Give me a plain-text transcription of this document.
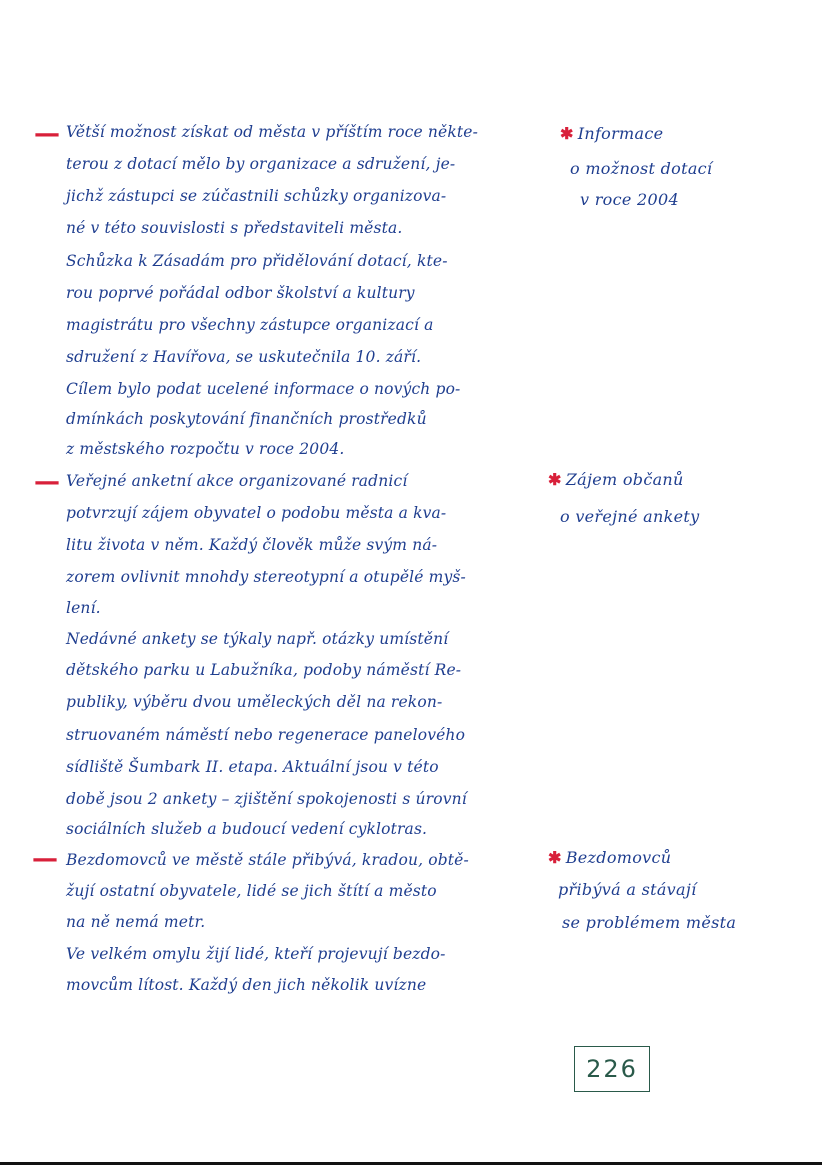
— Větší možnost získat od města v příštím roce někte-
terou z dotací mělo by organizace a sdružení, je-
jichž zástupci se zúčastnili schůzky organizova-
né v této souvislosti s představiteli města.
Schůzka k Zásadám pro přidělování dotací, kte-
rou poprvé pořádal odbor školství a kultury
magistrátu pro všechny zástupce organizací a
sdružení z Havířova, se uskutečnila 10. září.
Cílem bylo podat ucelené informace o nových po-
dmínkách poskytování finančních prostředků
z městského rozpočtu v roce 2004.
✱ Informace
o možnost dotací
v roce 2004
— Veřejné anketní akce organizované radnicí
potvrzují zájem obyvatel o podobu města a kva-
litu života v něm. Každý člověk může svým ná-
zorem ovlivnit mnohdy stereotypní a otupělé myš-
lení.
Nedávné ankety se týkaly např. otázky umístění
dětského parku u Labužníka, podoby náměstí Re-
publiky, výběru dvou uměleckých děl na rekon-
struovaném náměstí nebo regenerace panelového
sídliště Šumbark II. etapa. Aktuální jsou v této
době jsou 2 ankety – zjištění spokojenosti s úrovní
sociálních služeb a budoucí vedení cyklotras.
✱ Zájem občanů
o veřejné ankety
— Bezdomovců ve městě stále přibývá, kradou, obtě-
žují ostatní obyvatele, lidé se jich štítí a město
na ně nemá metr.
Ve velkém omylu žijí lidé, kteří projevují bezdo-
movcům lítost. Každý den jich několik uvízne
✱ Bezdomovců
přibývá a stávají
se problémem města
226
